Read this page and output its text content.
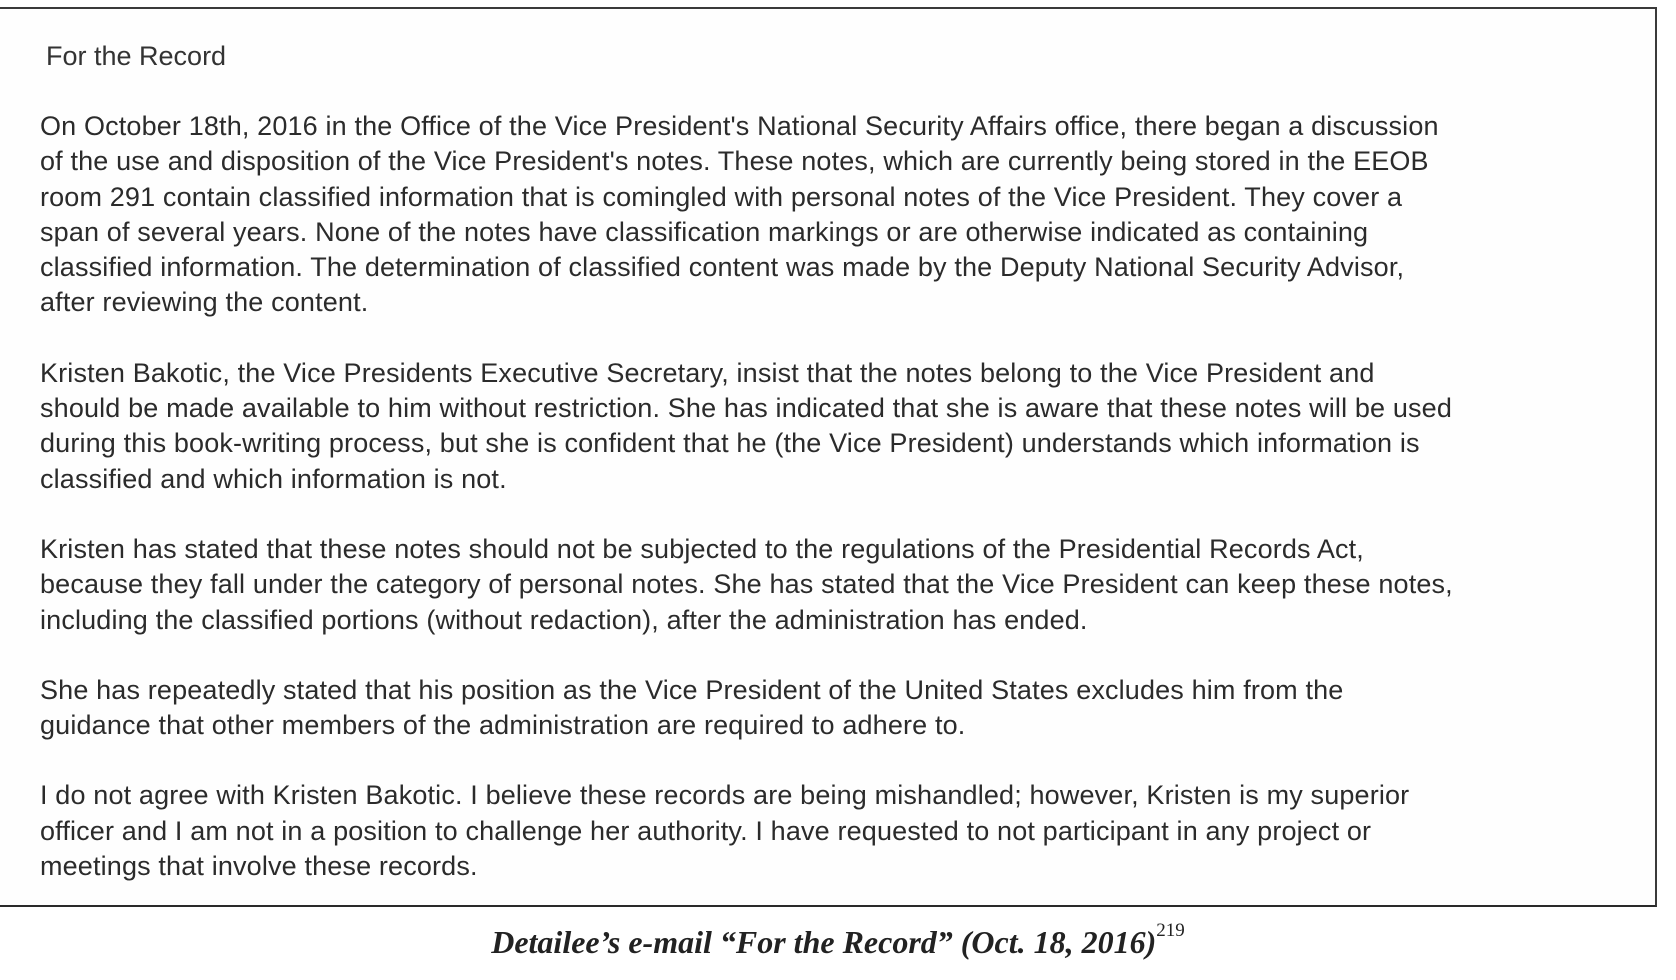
For the Record
On October 18th, 2016 in the Office of the Vice President's National Security Affairs office, there began a discussion
of the use and disposition of the Vice President's notes. These notes, which are currently being stored in the EEOB
room 291 contain classified information that is comingled with personal notes of the Vice President. They cover a
span of several years. None of the notes have classification markings or are otherwise indicated as containing
classified information. The determination of classified content was made by the Deputy National Security Advisor,
after reviewing the content.
Kristen Bakotic, the Vice Presidents Executive Secretary, insist that the notes belong to the Vice President and
should be made available to him without restriction. She has indicated that she is aware that these notes will be used
during this book-writing process, but she is confident that he (the Vice President) understands which information is
classified and which information is not.
Kristen has stated that these notes should not be subjected to the regulations of the Presidential Records Act,
because they fall under the category of personal notes. She has stated that the Vice President can keep these notes,
including the classified portions (without redaction), after the administration has ended.
She has repeatedly stated that his position as the Vice President of the United States excludes him from the
guidance that other members of the administration are required to adhere to.
I do not agree with Kristen Bakotic. I believe these records are being mishandled; however, Kristen is my superior
officer and I am not in a position to challenge her authority. I have requested to not participant in any project or
meetings that involve these records.
Detailee’s e-mail “For the Record” (Oct. 18, 2016)$^{219}$
